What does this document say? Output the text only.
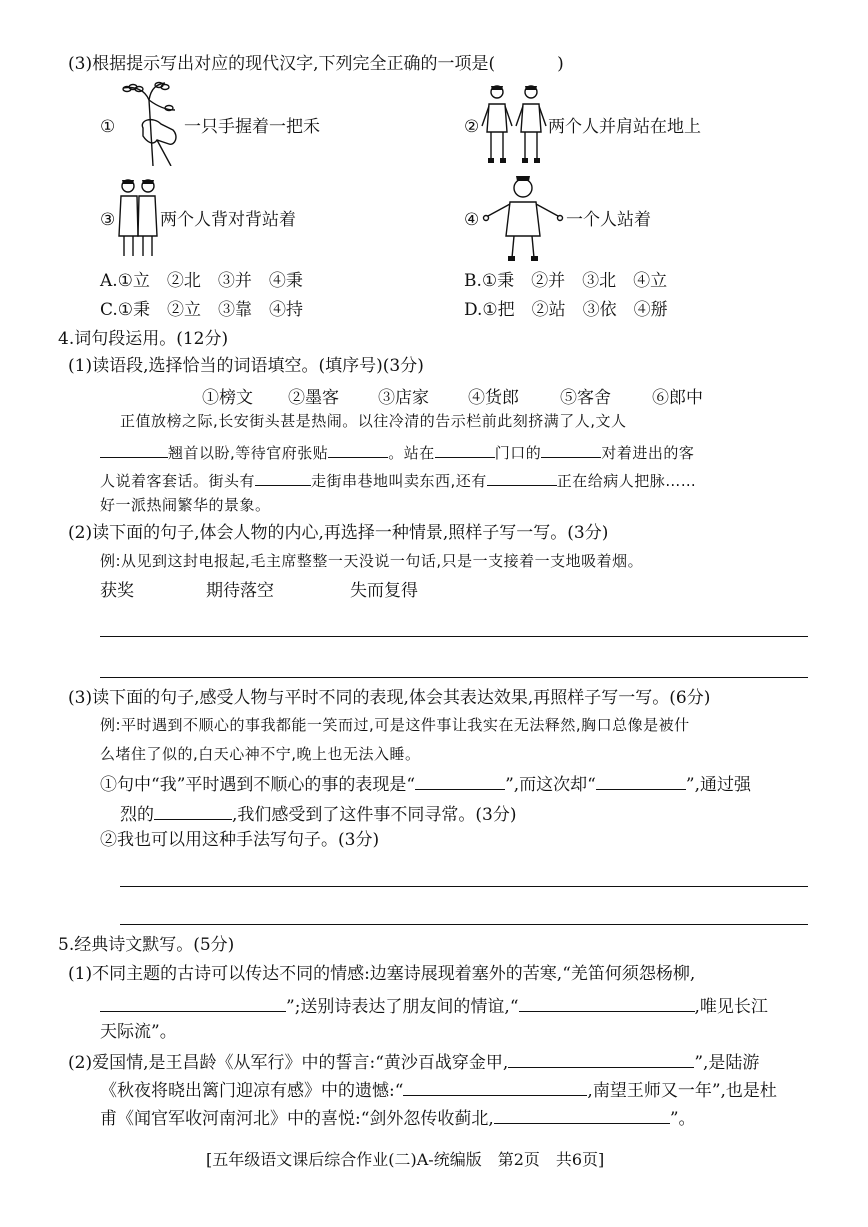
(3)根据提示写出对应的现代汉字,下列完全正确的一项是(	)
①	一只手握着一把禾	②	两个人并肩站在地上
③	两个人背对背站着	④	一个人站着
A.①立　②北　③并　④秉	B.①秉　②并　③北　④立
C.①秉　②立　③靠　④持	D.①把　②站　③依　④掰
4.词句段运用。(12分)
(1)读语段,选择恰当的词语填空。(填序号)(3分)
①榜文 ②墨客 ③店家 ④货郎 ⑤客舍 ⑥郎中
正值放榜之际,长安街头甚是热闹。以往冷清的告示栏前此刻挤满了人,文人
翘首以盼,等待官府张贴	。站在	门口的	对着进出的客
人说着客套话。街头有	走街串巷地叫卖东西,还有	正在给病人把脉……
好一派热闹繁华的景象。
(2)读下面的句子,体会人物的内心,再选择一种情景,照样子写一写。(3分)
例:从见到这封电报起,毛主席整整一天没说一句话,只是一支接着一支地吸着烟。
获奖	期待落空	失而复得
(3)读下面的句子,感受人物与平时不同的表现,体会其表达效果,再照样子写一写。(6分)
例:平时遇到不顺心的事我都能一笑而过,可是这件事让我实在无法释然,胸口总像是被什
么堵住了似的,白天心神不宁,晚上也无法入睡。
①句中“我”平时遇到不顺心的事的表现是“	”,而这次却“	”,通过强
烈的	,我们感受到了这件事不同寻常。(3分)
②我也可以用这种手法写句子。(3分)
5.经典诗文默写。(5分)
(1)不同主题的古诗可以传达不同的情感:边塞诗展现着塞外的苦寒,“羌笛何须怨杨柳,
”;送别诗表达了朋友间的情谊,“	,唯见长江
天际流”。
(2)爱国情,是王昌龄《从军行》中的誓言:“黄沙百战穿金甲,	”,是陆游
《秋夜将晓出篱门迎凉有感》中的遗憾:“	,南望王师又一年”,也是杜
甫《闻官军收河南河北》中的喜悦:“剑外忽传收蓟北,	”。
[五年级语文课后综合作业(二)A-统编版　第2页　共6页]
